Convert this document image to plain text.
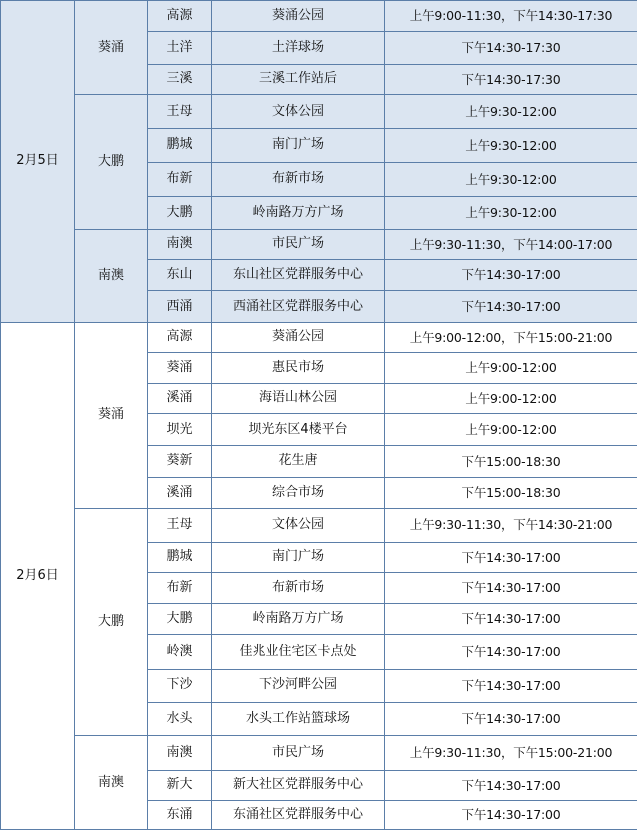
2月5日	葵涌	高源	葵涌公园	上午9:00-11:30，下午14:30-17:30
		土洋	土洋球场	下午14:30-17:30
		三溪	三溪工作站后	下午14:30-17:30
	大鹏	王母	文体公园	上午9:30-12:00
		鹏城	南门广场	上午9:30-12:00
		布新	布新市场	上午9:30-12:00
		大鹏	岭南路万方广场	上午9:30-12:00
	南澳	南澳	市民广场	上午9:30-11:30，下午14:00-17:00
		东山	东山社区党群服务中心	下午14:30-17:00
		西涌	西涌社区党群服务中心	下午14:30-17:00
2月6日	葵涌	高源	葵涌公园	上午9:00-12:00，下午15:00-21:00
		葵涌	惠民市场	上午9:00-12:00
		溪涌	海语山林公园	上午9:00-12:00
		坝光	坝光东区4楼平台	上午9:00-12:00
		葵新	花生唐	下午15:00-18:30
		溪涌	综合市场	下午15:00-18:30
	大鹏	王母	文体公园	上午9:30-11:30，下午14:30-21:00
		鹏城	南门广场	下午14:30-17:00
		布新	布新市场	下午14:30-17:00
		大鹏	岭南路万方广场	下午14:30-17:00
		岭澳	佳兆业住宅区卡点处	下午14:30-17:00
		下沙	下沙河畔公园	下午14:30-17:00
		水头	水头工作站篮球场	下午14:30-17:00
	南澳	南澳	市民广场	上午9:30-11:30，下午15:00-21:00
		新大	新大社区党群服务中心	下午14:30-17:00
		东涌	东涌社区党群服务中心	下午14:30-17:00
